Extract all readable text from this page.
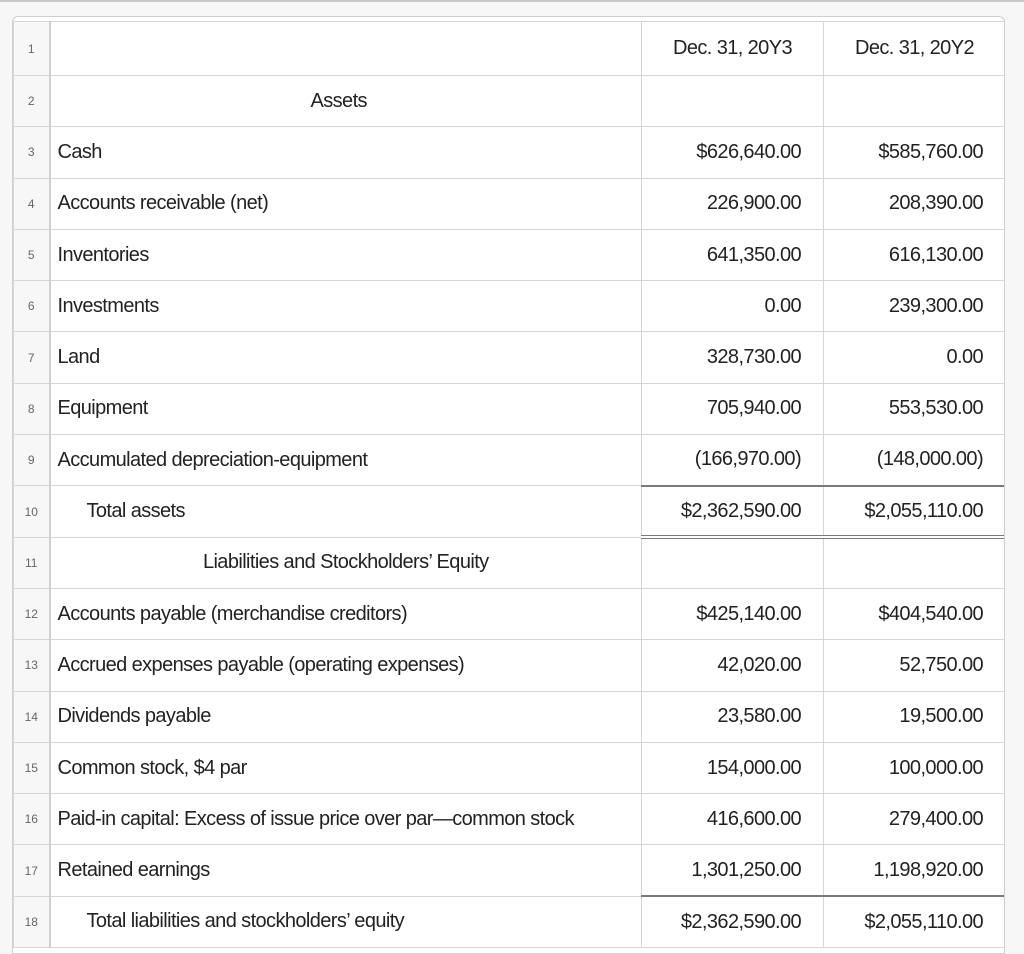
1		Dec. 31, 20Y3	Dec. 31, 20Y2
2	Assets		
3	Cash	$626,640.00	$585,760.00
4	Accounts receivable (net)	226,900.00	208,390.00
5	Inventories	641,350.00	616,130.00
6	Investments	0.00	239,300.00
7	Land	328,730.00	0.00
8	Equipment	705,940.00	553,530.00
9	Accumulated depreciation-equipment	(166,970.00)	(148,000.00)
10	Total assets	$2,362,590.00	$2,055,110.00
11	Liabilities and Stockholders’ Equity		
12	Accounts payable (merchandise creditors)	$425,140.00	$404,540.00
13	Accrued expenses payable (operating expenses)	42,020.00	52,750.00
14	Dividends payable	23,580.00	19,500.00
15	Common stock, $4 par	154,000.00	100,000.00
16	Paid-in capital: Excess of issue price over par—common stock	416,600.00	279,400.00
17	Retained earnings	1,301,250.00	1,198,920.00
18	Total liabilities and stockholders’ equity	$2,362,590.00	$2,055,110.00
